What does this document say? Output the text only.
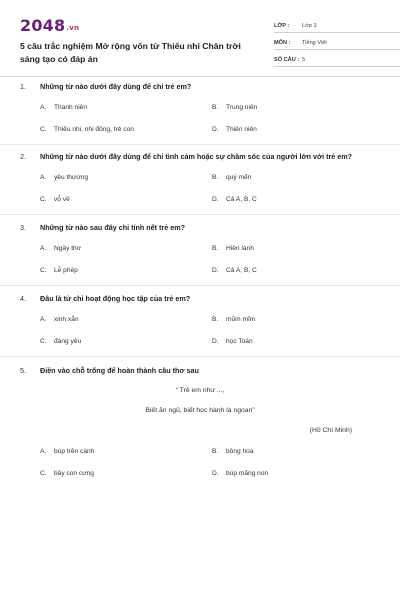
2048.vn
5 câu trắc nghiệm Mở rộng vốn từ Thiếu nhi Chân trời sáng tạo có đáp án
LỚP :	Lớp 3
MÔN :	Tiếng Việt
SỐ CÂU : 5
1.	Những từ nào dưới đây dùng để chỉ trẻ em?
A.	Thanh niên	B.	Trung niên
C.	Thiếu nhi, nhi đồng, trẻ con	D.	Thiên niên
2.	Những từ nào dưới đây dùng để chỉ tình cảm hoặc sự chăm sóc của người lớn với trẻ em?
A.	yêu thương	B.	quý mến
C.	vỗ về	D.	Cả A, B, C
3.	Những từ nào sau đây chỉ tính nết trẻ em?
A.	Ngây thơ	B.	Hiền lành
C.	Lễ phép	D.	Cả A, B, C
4.	Đâu là từ chỉ hoạt động học tập của trẻ em?
A.	xinh xắn	B.	mũm mĩm
C.	đáng yêu	D.	học Toán
5.	Điền vào chỗ trống để hoàn thành câu thơ sau
“ Trẻ em như ...,
Biết ăn ngủ, biết học hành là ngoan”
(Hồ Chí Minh)
A.	búp trên cành	B.	bông hoa
C.	bầy con cưng	D.	búp măng non
